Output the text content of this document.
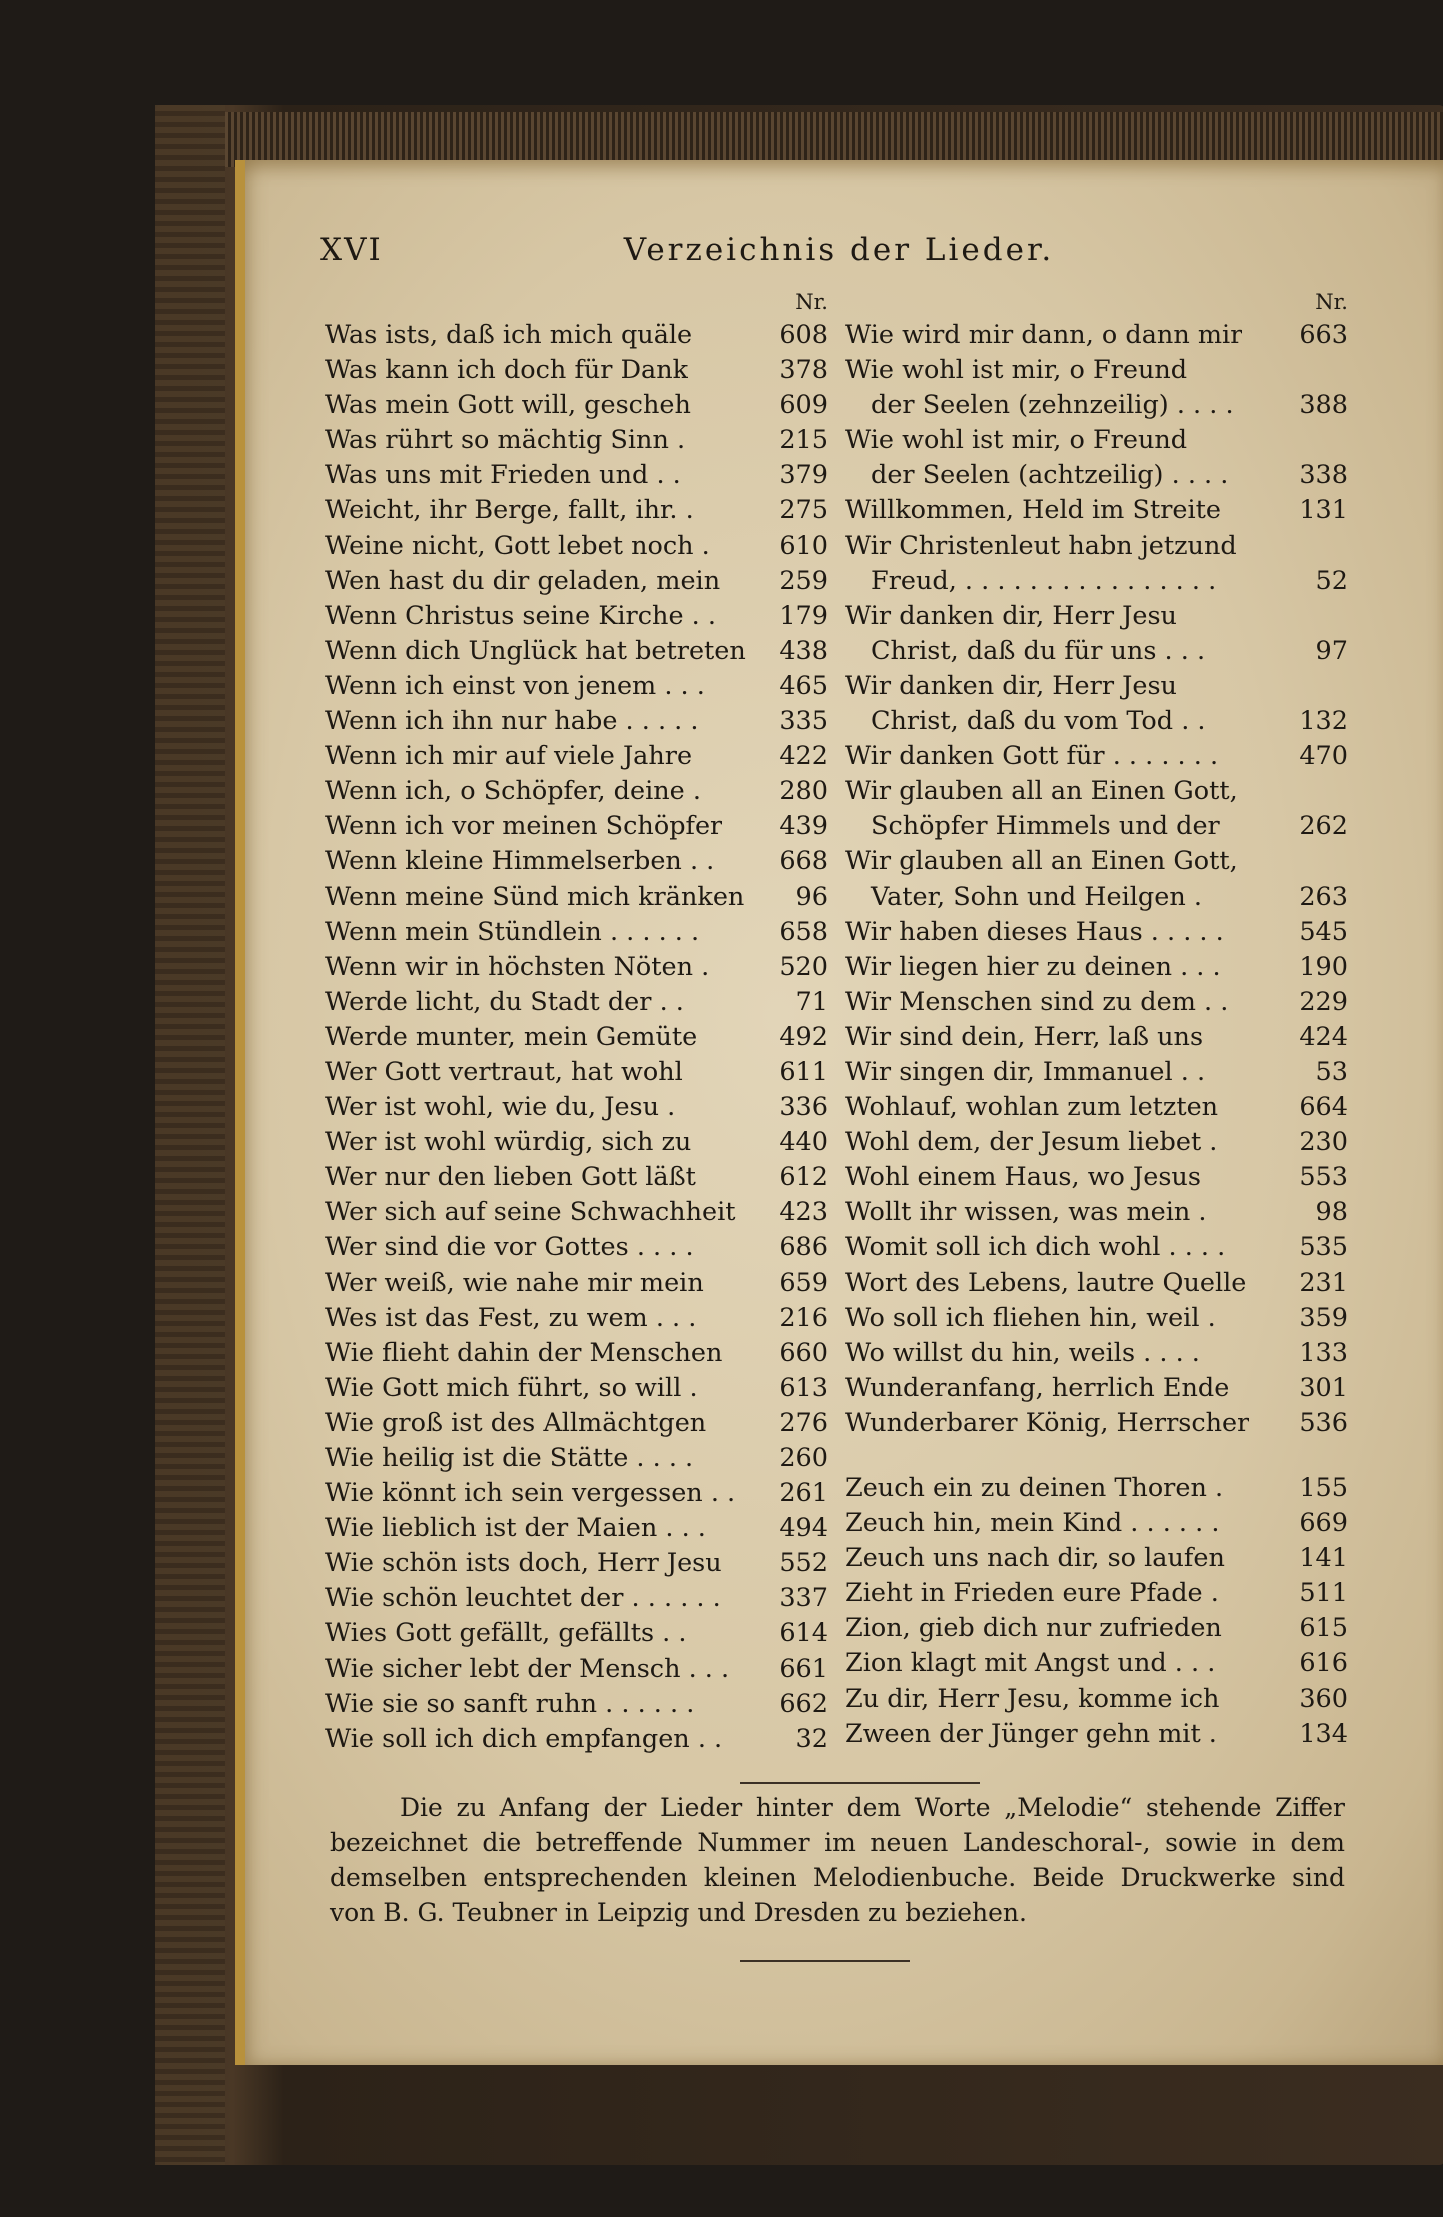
XVI	Verzeichnis der Lieder.
Nr.
Was ists, daß ich mich quäle	608
Was kann ich doch für Dank	378
Was mein Gott will, gescheh	609
Was rührt so mächtig Sinn .	215
Was uns mit Frieden und . .	379
Weicht, ihr Berge, fallt, ihr. .	275
Weine nicht, Gott lebet noch .	610
Wen hast du dir geladen, mein 259
Wenn Christus seine Kirche . . 179
Wenn dich Unglück hat betreten 438
Wenn ich einst von jenem . . .	465
Wenn ich ihn nur habe . . . . .	335
Wenn ich mir auf viele Jahre	422
Wenn ich, o Schöpfer, deine .	280
Wenn ich vor meinen Schöpfer 439
Wenn kleine Himmelserben . .	668
Wenn meine Sünd mich kränken	96
Wenn mein Stündlein . . . . . .	658
Wenn wir in höchsten Nöten .	520
Werde licht, du Stadt der . .	71
Werde munter, mein Gemüte	492
Wer Gott vertraut, hat wohl	611
Wer ist wohl, wie du, Jesu .	336
Wer ist wohl würdig, sich zu	440
Wer nur den lieben Gott läßt	612
Wer sich auf seine Schwachheit 423
Wer sind die vor Gottes . . . .	686
Wer weiß, wie nahe mir mein	659
Wes ist das Fest, zu wem . . .	216
Wie flieht dahin der Menschen 660
Wie Gott mich führt, so will .	613
Wie groß ist des Allmächtgen	276
Wie heilig ist die Stätte . . . .	260
Wie könnt ich sein vergessen . . 261
Wie lieblich ist der Maien . . .	494
Wie schön ists doch, Herr Jesu 552
Wie schön leuchtet der . . . . . . 337
Wies Gott gefällt, gefällts . .	614
Wie sicher lebt der Mensch . . . 661
Wie sie so sanft ruhn . . . . . .	662
Wie soll ich dich empfangen . .	32
Nr.
Wie wird mir dann, o dann mir 663
Wie wohl ist mir, o Freund
der Seelen (zehnzeilig) . . . .	388
Wie wohl ist mir, o Freund
der Seelen (achtzeilig) . . . .	338
Willkommen, Held im Streite	131
Wir Christenleut habn jetzund
Freud, . . . . . . . . . . . . . . . .	52
Wir danken dir, Herr Jesu
Christ, daß du für uns . . .	97
Wir danken dir, Herr Jesu
Christ, daß du vom Tod . .	132
Wir danken Gott für . . . . . . .	470
Wir glauben all an Einen Gott,
Schöpfer Himmels und der	262
Wir glauben all an Einen Gott,
Vater, Sohn und Heilgen .	263
Wir haben dieses Haus . . . . .	545
Wir liegen hier zu deinen . . .	190
Wir Menschen sind zu dem . .	229
Wir sind dein, Herr, laß uns	424
Wir singen dir, Immanuel . .	53
Wohlauf, wohlan zum letzten	664
Wohl dem, der Jesum liebet .	230
Wohl einem Haus, wo Jesus	553
Wollt ihr wissen, was mein .	98
Womit soll ich dich wohl . . . .	535
Wort des Lebens, lautre Quelle 231
Wo soll ich fliehen hin, weil .	359
Wo willst du hin, weils . . . .	133
Wunderanfang, herrlich Ende	301
Wunderbarer König, Herrscher 536
Zeuch ein zu deinen Thoren .	155
Zeuch hin, mein Kind . . . . . .	669
Zeuch uns nach dir, so laufen	141
Zieht in Frieden eure Pfade .	511
Zion, gieb dich nur zufrieden	615
Zion klagt mit Angst und . . .	616
Zu dir, Herr Jesu, komme ich	360
Zween der Jünger gehn mit .	134
Die zu Anfang der Lieder hinter dem Worte „Melodie“ stehende Ziffer bezeichnet die betreffende Nummer im neuen Landeschoral-, sowie in dem demselben entsprechenden kleinen Melodienbuche. Beide Druckwerke sind von B. G. Teubner in Leipzig und Dresden zu beziehen.
